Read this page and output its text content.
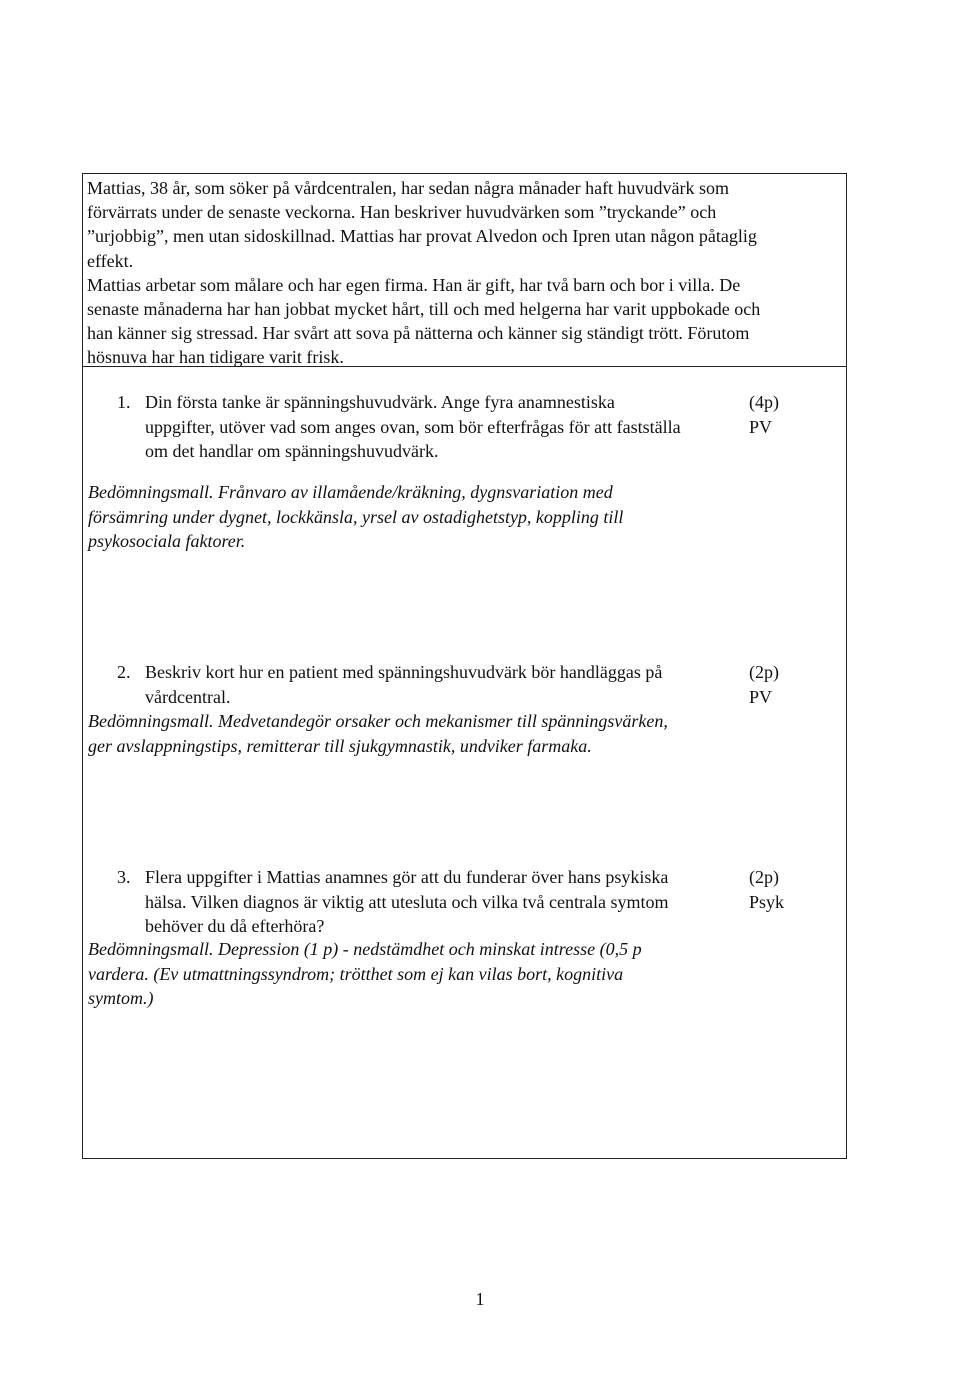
Mattias, 38 år, som söker på vårdcentralen, har sedan några månader haft huvudvärk som

förvärrats under de senaste veckorna. Han beskriver huvudvärken som ”tryckande” och

”urjobbig”, men utan sidoskillnad. Mattias har provat Alvedon och Ipren utan någon påtaglig

effekt.

Mattias arbetar som målare och har egen firma. Han är gift, har två barn och bor i villa. De

senaste månaderna har han jobbat mycket hårt, till och med helgerna har varit uppbokade och

han känner sig stressad. Har svårt att sova på nätterna och känner sig ständigt trött. Förutom

hösnuva har han tidigare varit frisk.

1. Din första tanke är spänningshuvudvärk. Ange fyra anamnestiska	(4p)
uppgifter, utöver vad som anges ovan, som bör efterfrågas för att fastställa	PV
om det handlar om spänningshuvudvärk.

Bedömningsmall. Frånvaro av illamående/kräkning, dygnsvariation med

försämring under dygnet, lockkänsla, yrsel av ostadighetstyp, koppling till

psykosociala faktorer.

2. Beskriv kort hur en patient med spänningshuvudvärk bör handläggas på	(2p)
vårdcentral.	PV

Bedömningsmall. Medvetandegör orsaker och mekanismer till spänningsvärken,

ger avslappningstips, remitterar till sjukgymnastik, undviker farmaka.

3. Flera uppgifter i Mattias anamnes gör att du funderar över hans psykiska	(2p)
hälsa. Vilken diagnos är viktig att utesluta och vilka två centrala symtom	Psyk
behöver du då efterhöra?

Bedömningsmall. Depression (1 p) - nedstämdhet och minskat intresse (0,5 p

vardera. (Ev utmattningssyndrom; trötthet som ej kan vilas bort, kognitiva

symtom.)

1
